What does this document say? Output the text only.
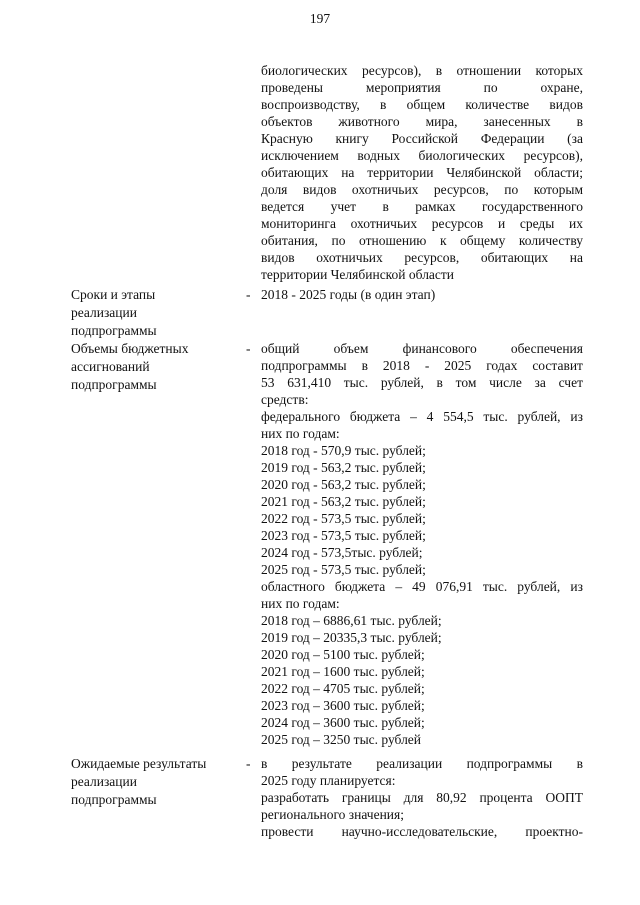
197
биологических ресурсов), в отношении которых
проведены	мероприятия	по	охране,
воспроизводству, в общем количестве видов
объектов животного мира, занесенных в
Красную книгу Российской Федерации (за
исключением водных биологических ресурсов),
обитающих на территории Челябинской области;
доля видов охотничьих ресурсов, по которым
ведется учет в рамках государственного
мониторинга охотничьих ресурсов и среды их
обитания, по отношению к общему количеству
видов охотничьих ресурсов, обитающих на
территории Челябинской области
Сроки и этапы
реализации
подпрограммы
- 2018 - 2025 годы (в один этап)
Объемы бюджетных
ассигнований
подпрограммы
- общий	объем	финансового	обеспечения
подпрограммы в 2018 - 2025 годах составит
53 631,410 тыс. рублей, в том числе за счет
средств:
федерального бюджета – 4 554,5 тыс. рублей, из
них по годам:
2018 год - 570,9 тыс. рублей;
2019 год - 563,2 тыс. рублей;
2020 год - 563,2 тыс. рублей;
2021 год - 563,2 тыс. рублей;
2022 год - 573,5 тыс. рублей;
2023 год - 573,5 тыс. рублей;
2024 год - 573,5тыс. рублей;
2025 год - 573,5 тыс. рублей;
областного бюджета – 49 076,91 тыс. рублей, из
них по годам:
2018 год – 6886,61 тыс. рублей;
2019 год – 20335,3 тыс. рублей;
2020 год – 5100 тыс. рублей;
2021 год – 1600 тыс. рублей;
2022 год – 4705 тыс. рублей;
2023 год – 3600 тыс. рублей;
2024 год – 3600 тыс. рублей;
2025 год – 3250 тыс. рублей
Ожидаемые результаты
реализации
подпрограммы
- в результате реализации подпрограммы в
2025 году планируется:
разработать границы для 80,92 процента ООПТ
регионального значения;
провести научно-исследовательские, проектно-
